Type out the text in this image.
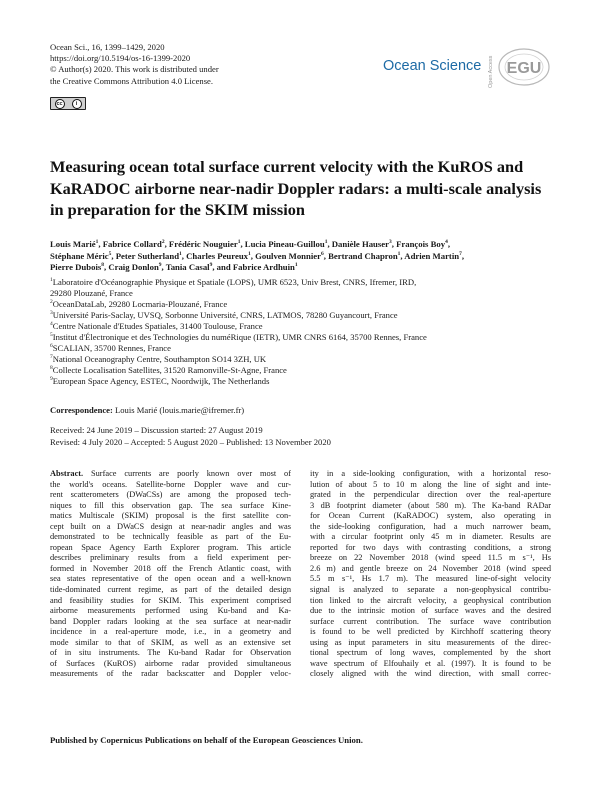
Ocean Sci., 16, 1399–1429, 2020
https://doi.org/10.5194/os-16-1399-2020
© Author(s) 2020. This work is distributed under
the Creative Commons Attribution 4.0 License.
cc	i
Ocean Science Open Access EGU
Measuring ocean total surface current velocity with the KuROS and KaRADOC airborne near-nadir Doppler radars: a multi-scale analysis in preparation for the SKIM mission
Louis Marié$^1$, Fabrice Collard$^2$, Frédéric Nouguier$^1$, Lucia Pineau-Guillou$^1$, Danièle Hauser$^3$, François Boy$^4$,
Stéphane Méric$^5$, Peter Sutherland$^1$, Charles Peureux$^1$, Goulven Monnier$^6$, Bertrand Chapron$^1$, Adrien Martin$^7$,
Pierre Dubois$^8$, Craig Donlon$^9$, Tania Casal$^9$, and Fabrice Ardhuin$^1$
$^1$Laboratoire d'Océanographie Physique et Spatiale (LOPS), UMR 6523, Univ Brest, CNRS, Ifremer, IRD,
29280 Plouzané, France
$^2$OceanDataLab, 29280 Locmaria-Plouzané, France
$^3$Université Paris-Saclay, UVSQ, Sorbonne Université, CNRS, LATMOS, 78280 Guyancourt, France
$^4$Centre Nationale d'Etudes Spatiales, 31400 Toulouse, France
$^5$Institut d'Électronique et des Technologies du numéRique (IETR), UMR CNRS 6164, 35700 Rennes, France
$^6$SCALIAN, 35700 Rennes, France
$^7$National Oceanography Centre, Southampton SO14 3ZH, UK
$^8$Collecte Localisation Satellites, 31520 Ramonville-St-Agne, France
$^9$European Space Agency, ESTEC, Noordwijk, The Netherlands
Correspondence: Louis Marié (louis.marie@ifremer.fr)
Received: 24 June 2019 – Discussion started: 27 August 2019
Revised: 4 July 2020 – Accepted: 5 August 2020 – Published: 13 November 2020
Abstract. Surface currents are poorly known over most of
the world's oceans. Satellite-borne Doppler wave and cur-
rent scatterometers (DWaCSs) are among the proposed tech-
niques to fill this observation gap. The sea surface Kine-
matics Multiscale (SKIM) proposal is the first satellite con-
cept built on a DWaCS design at near-nadir angles and was
demonstrated to be technically feasible as part of the Eu-
ropean Space Agency Earth Explorer program. This article
describes preliminary results from a field experiment per-
formed in November 2018 off the French Atlantic coast, with
sea states representative of the open ocean and a well-known
tide-dominated current regime, as part of the detailed design
and feasibility studies for SKIM. This experiment comprised
airborne measurements performed using Ku-band and Ka-
band Doppler radars looking at the sea surface at near-nadir
incidence in a real-aperture mode, i.e., in a geometry and
mode similar to that of SKIM, as well as an extensive set
of in situ instruments. The Ku-band Radar for Observation
of Surfaces (KuROS) airborne radar provided simultaneous
measurements of the radar backscatter and Doppler veloc-
ity in a side-looking configuration, with a horizontal reso-
lution of about 5 to 10 m along the line of sight and inte-
grated in the perpendicular direction over the real-aperture
3 dB footprint diameter (about 580 m). The Ka-band RADar
for Ocean Current (KaRADOC) system, also operating in
the side-looking configuration, had a much narrower beam,
with a circular footprint only 45 m in diameter. Results are
reported for two days with contrasting conditions, a strong
breeze on 22 November 2018 (wind speed 11.5 m s⁻¹, Hs
2.6 m) and gentle breeze on 24 November 2018 (wind speed
5.5 m s⁻¹, Hs 1.7 m). The measured line-of-sight velocity
signal is analyzed to separate a non-geophysical contribu-
tion linked to the aircraft velocity, a geophysical contribution
due to the intrinsic motion of surface waves and the desired
surface current contribution. The surface wave contribution
is found to be well predicted by Kirchhoff scattering theory
using as input parameters in situ measurements of the direc-
tional spectrum of long waves, complemented by the short
wave spectrum of Elfouhaily et al. (1997). It is found to be
closely aligned with the wind direction, with small correc-
Published by Copernicus Publications on behalf of the European Geosciences Union.
